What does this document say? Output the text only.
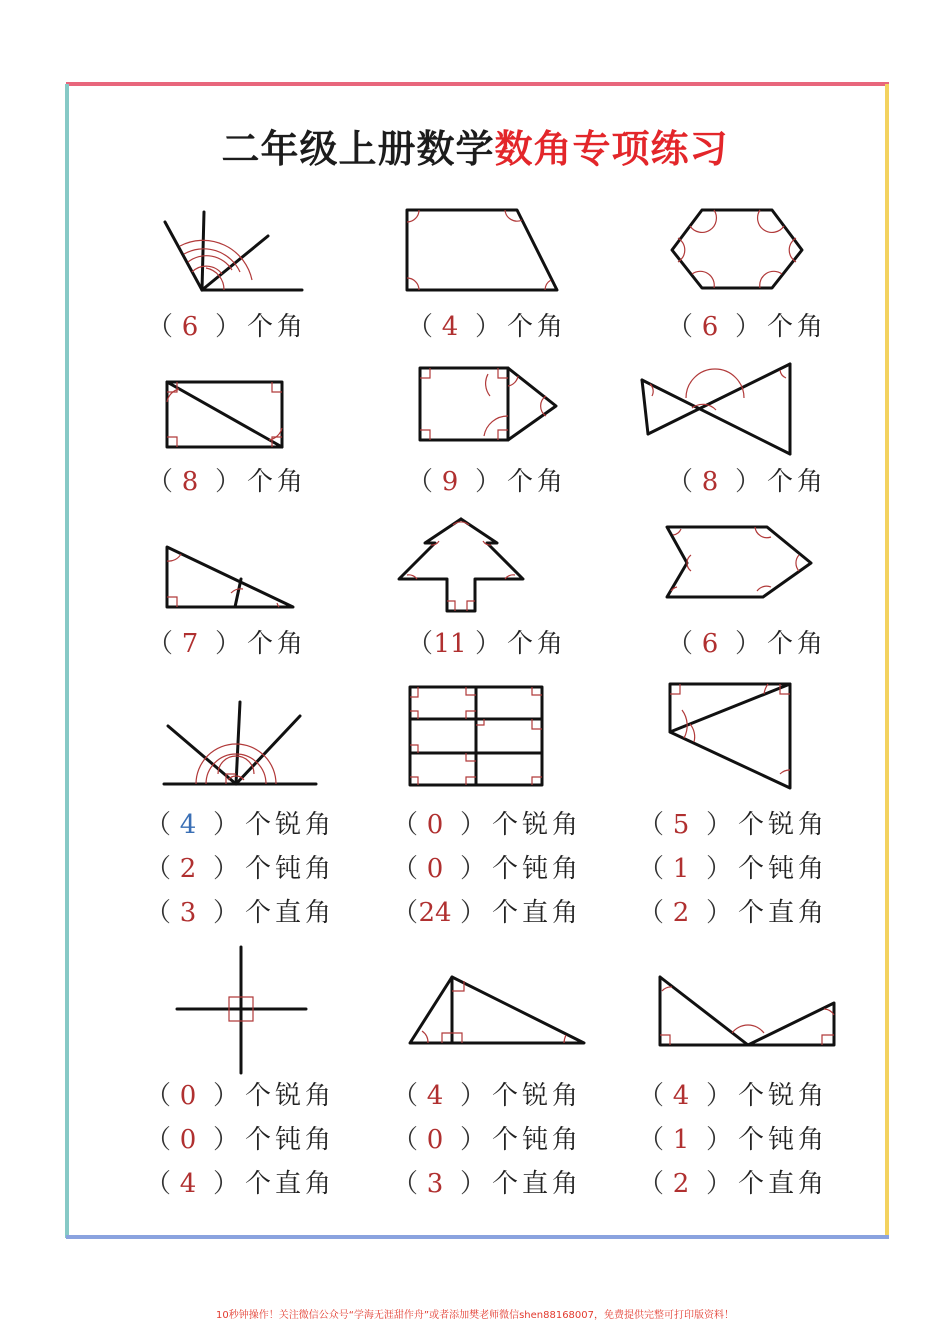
二年级上册数学数角专项练习
（ 6 ） 个角	（ 4 ） 个角	（ 6 ） 个角
（ 8 ） 个角	（ 9 ） 个角	（ 8 ） 个角
（ 7 ） 个角	（11 ） 个角	（ 6 ） 个角
（ 4 ） 个锐角
（ 2 ） 个钝角
（ 3 ） 个直角
（ 0 ） 个锐角
（ 0 ） 个钝角
（24 ） 个直角
（ 5 ） 个锐角
（ 1 ） 个钝角
（ 2 ） 个直角
（ 0 ） 个锐角
（ 0 ） 个钝角
（ 4 ） 个直角
（ 4 ） 个锐角
（ 0 ） 个钝角
（ 3 ） 个直角
（ 4 ） 个锐角
（ 1 ） 个钝角
（ 2 ） 个直角
10秒钟操作！关注微信公众号“学海无涯甜作舟”或者添加樊老师微信shen88168007，免费提供完整可打印版资料！
